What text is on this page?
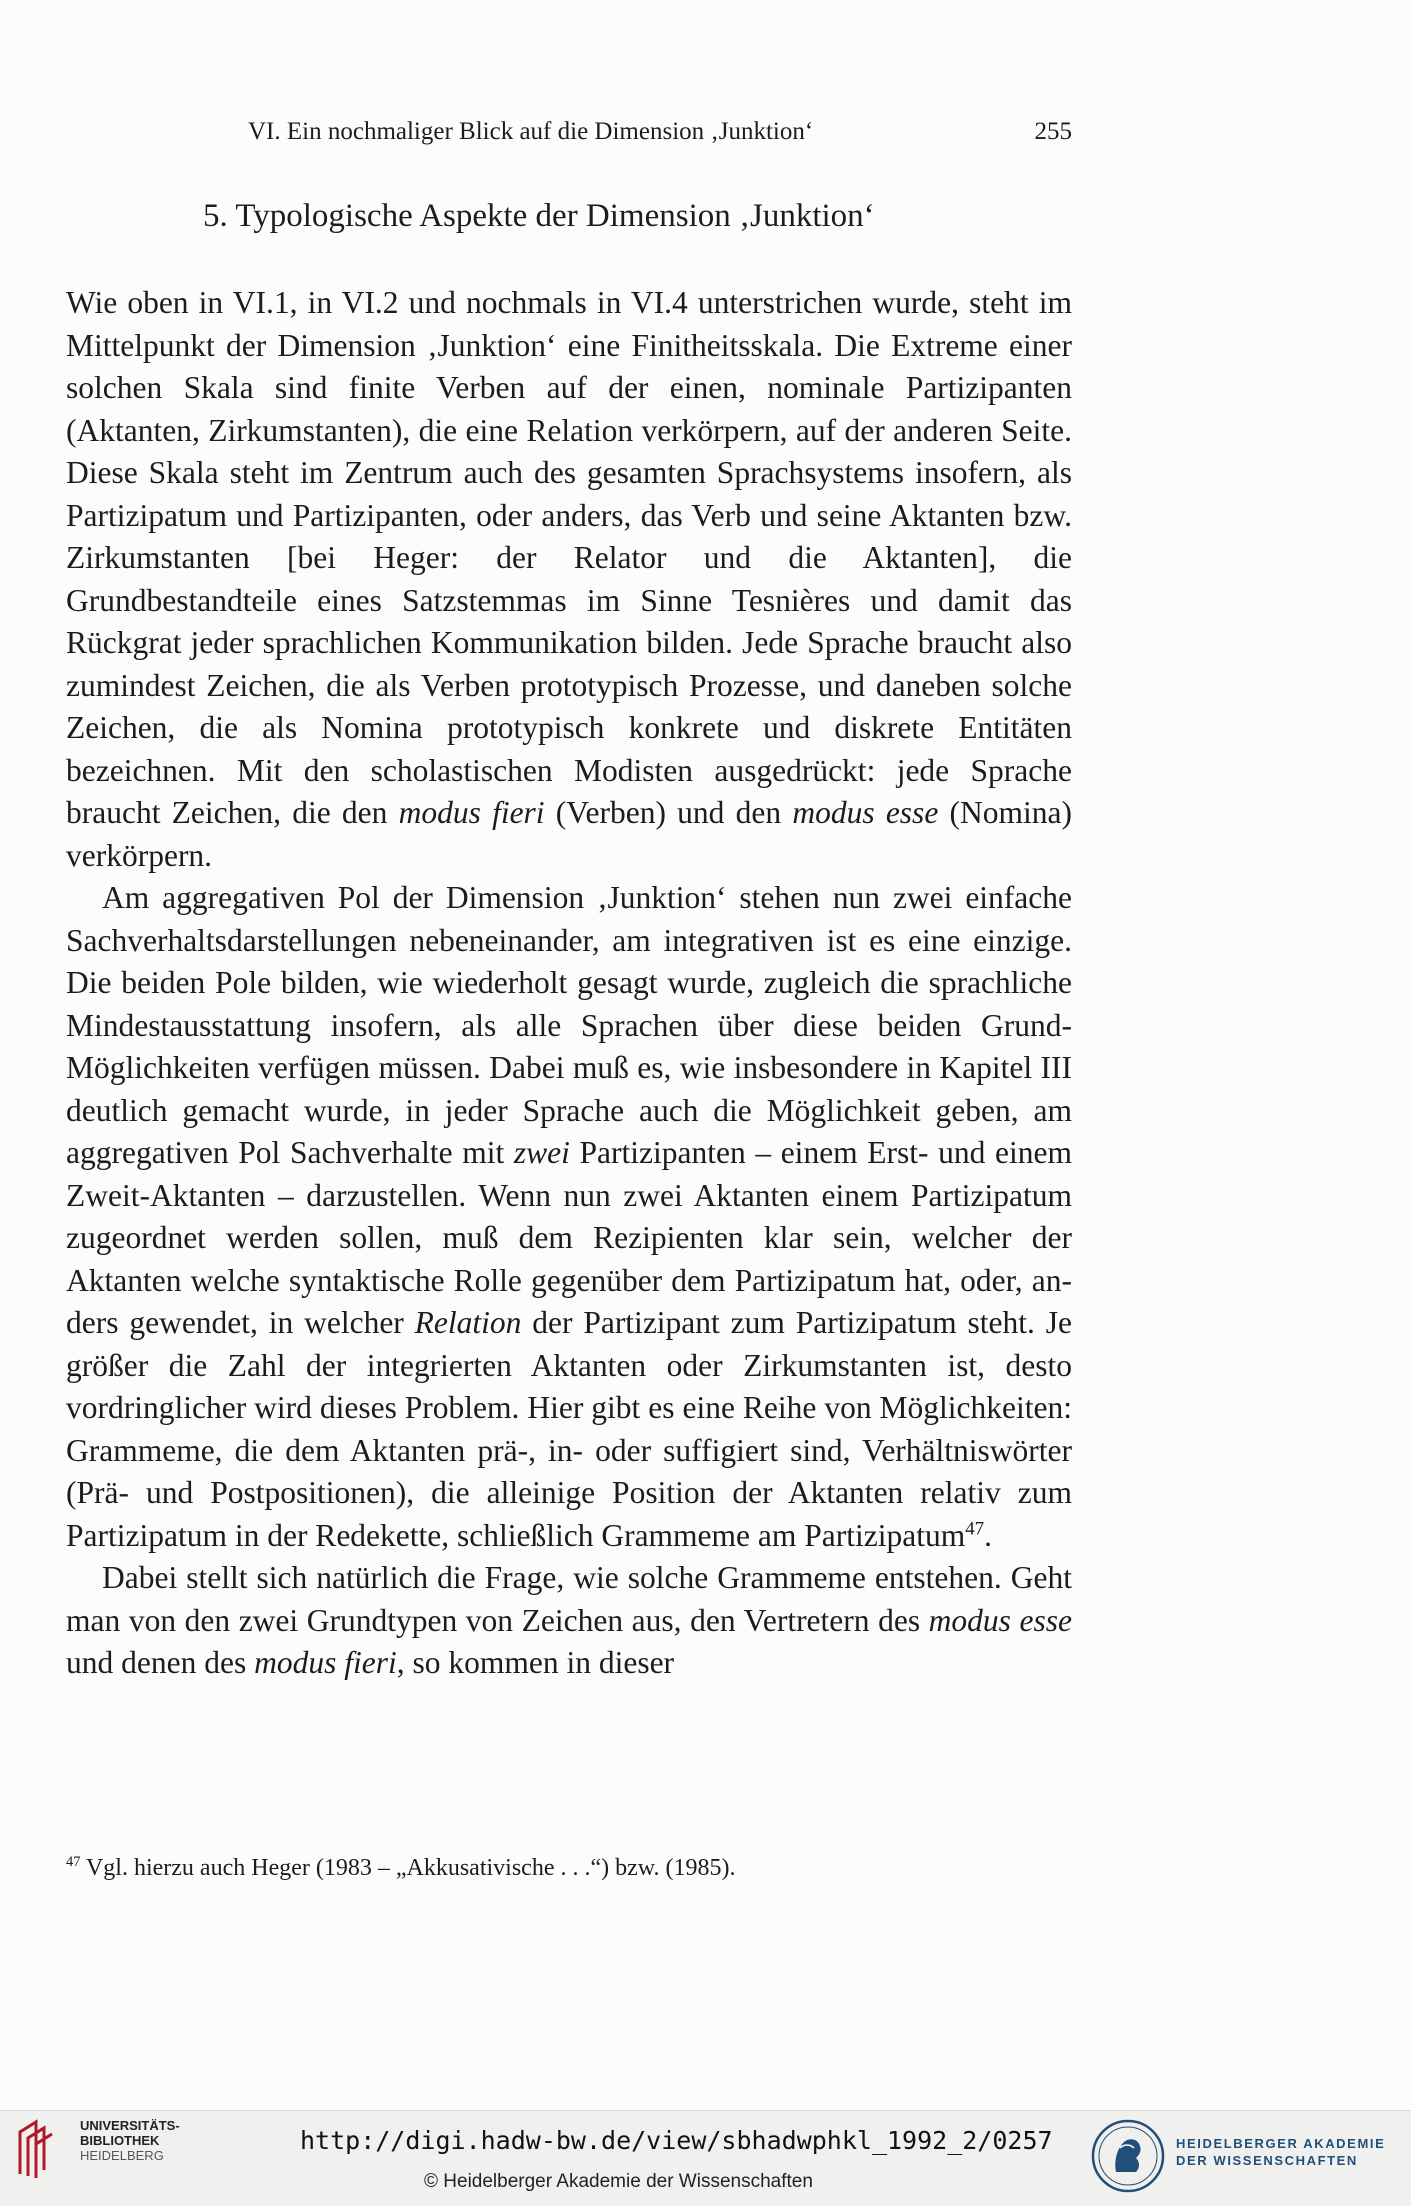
VI. Ein nochmaliger Blick auf die Dimension ‚Junktion‘	255
5. Typologische Aspekte der Dimension ‚Junktion‘

Wie oben in VI.1, in VI.2 und nochmals in VI.4 unterstrichen wurde, steht im Mittelpunkt der Dimension ‚Junktion‘ eine Finitheitsskala. Die Extreme einer solchen Skala sind finite Verben auf der einen, nominale Partizipanten (Aktanten, Zirkumstanten), die eine Relation verkörpern, auf der anderen Seite. Diese Skala steht im Zentrum auch des gesamten Sprachsystems insofern, als Partizipatum und Partizipanten, oder anders, das Verb und seine Aktanten bzw. Zirkumstanten [bei Heger: der Relator und die Aktanten], die Grundbestandteile eines Satzstemmas im Sinne Tesnières und damit das Rückgrat jeder sprachlichen Kommunikation bilden. Jede Sprache braucht also zumindest Zeichen, die als Verben prototypisch Prozesse, und daneben solche Zeichen, die als Nomina prototypisch konkrete und diskrete Entitäten bezeichnen. Mit den scholastischen Modisten ausgedrückt: jede Sprache braucht Zeichen, die den modus fieri (Verben) und den modus esse (Nomina) verkörpern.

Am aggregativen Pol der Dimension ‚Junktion‘ stehen nun zwei einfache Sachverhaltsdarstellungen nebeneinander, am integrativen ist es eine einzige. Die beiden Pole bilden, wie wiederholt gesagt wurde, zugleich die sprachliche Mindestausstattung insofern, als alle Sprachen über diese beiden Grund-Möglichkeiten verfügen müssen. Dabei muß es, wie insbesondere in Kapitel III deutlich gemacht wurde, in jeder Sprache auch die Möglichkeit geben, am aggregativen Pol Sachverhalte mit zwei Partizipanten – einem Erst- und einem Zweit-Aktanten – darzustellen. Wenn nun zwei Aktanten einem Partizipatum zugeordnet werden sollen, muß dem Rezipienten klar sein, welcher der Aktanten welche syntaktische Rolle gegenüber dem Partizipatum hat, oder, anders gewendet, in welcher Relation der Partizipant zum Partizipatum steht. Je größer die Zahl der integrierten Aktanten oder Zirkumstanten ist, desto vordringlicher wird dieses Problem. Hier gibt es eine Reihe von Möglichkeiten: Grammeme, die dem Aktanten prä-, in- oder suffigiert sind, Verhältniswörter (Prä- und Postpositionen), die alleinige Position der Aktanten relativ zum Partizipatum in der Redekette, schließlich Grammeme am Partizipatum$^{47}$.

Dabei stellt sich natürlich die Frage, wie solche Grammeme entstehen. Geht man von den zwei Grundtypen von Zeichen aus, den Vertretern des modus esse und denen des modus fieri, so kommen in dieser

$^{47}$ Vgl. hierzu auch Heger (1983 – „Akkusativische . . .“) bzw. (1985).
UNIVERSITÄTS-
BIBLIOTHEK
HEIDELBERG
http://digi.hadw-bw.de/view/sbhadwphkl_1992_2/0257
© Heidelberger Akademie der Wissenschaften
HEIDELBERGER AKADEMIE
DER WISSENSCHAFTEN
